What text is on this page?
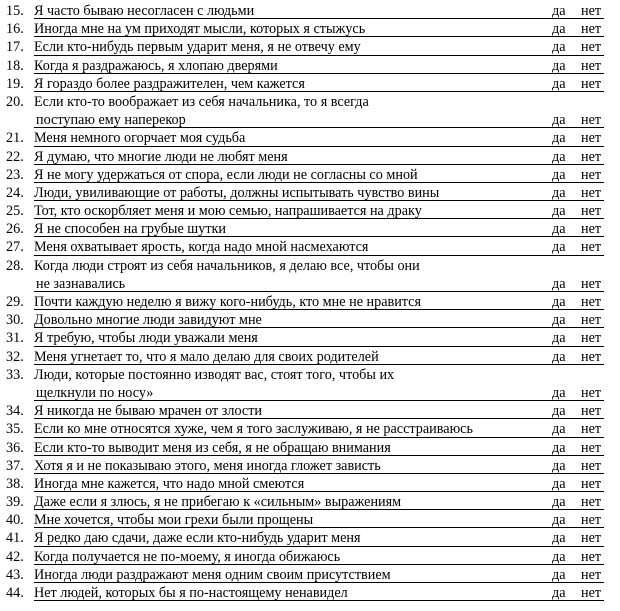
15. Я часто бываю несогласен с людьми	да нет
16. Иногда мне на ум приходят мысли, которых я стыжусь	да нет
17. Если кто-нибудь первым ударит меня, я не отвечу ему	да нет
18. Когда я раздражаюсь, я хлопаю дверями	да нет
19. Я гораздо более раздражителен, чем кажется	да нет
20. Если кто-то воображает из себя начальника, то я всегда
поступаю ему наперекор	да нет
21. Меня немного огорчает моя судьба	да нет
22. Я думаю, что многие люди не любят меня	да нет
23. Я не могу удержаться от спора, если люди не согласны со мной	да нет
24. Люди, увиливающие от работы, должны испытывать чувство вины	да нет
25. Тот, кто оскорбляет меня и мою семью, напрашивается на драку	да нет
26. Я не способен на грубые шутки	да нет
27. Меня охватывает ярость, когда надо мной насмехаются	да нет
28. Когда люди строят из себя начальников, я делаю все, чтобы они
не зазнавались	да нет
29. Почти каждую неделю я вижу кого-нибудь, кто мне не нравится	да нет
30. Довольно многие люди завидуют мне	да нет
31. Я требую, чтобы люди уважали меня	да нет
32. Меня угнетает то, что я мало делаю для своих родителей	да нет
33. Люди, которые постоянно изводят вас, стоят того, чтобы их
щелкнули по носу»	да нет
34. Я никогда не бываю мрачен от злости	да нет
35. Если ко мне относятся хуже, чем я того заслуживаю, я не расстраиваюсь	да нет
36. Если кто-то выводит меня из себя, я не обращаю внимания	да нет
37. Хотя я и не показываю этого, меня иногда гложет зависть	да нет
38. Иногда мне кажется, что надо мной смеются	да нет
39. Даже если я злюсь, я не прибегаю к «сильным» выражениям	да нет
40. Мне хочется, чтобы мои грехи были прощены	да нет
41. Я редко даю сдачи, даже если кто-нибудь ударит меня	да нет
42. Когда получается не по-моему, я иногда обижаюсь	да нет
43. Иногда люди раздражают меня одним своим присутствием	да нет
44. Нет людей, которых бы я по-настоящему ненавидел	да нет
